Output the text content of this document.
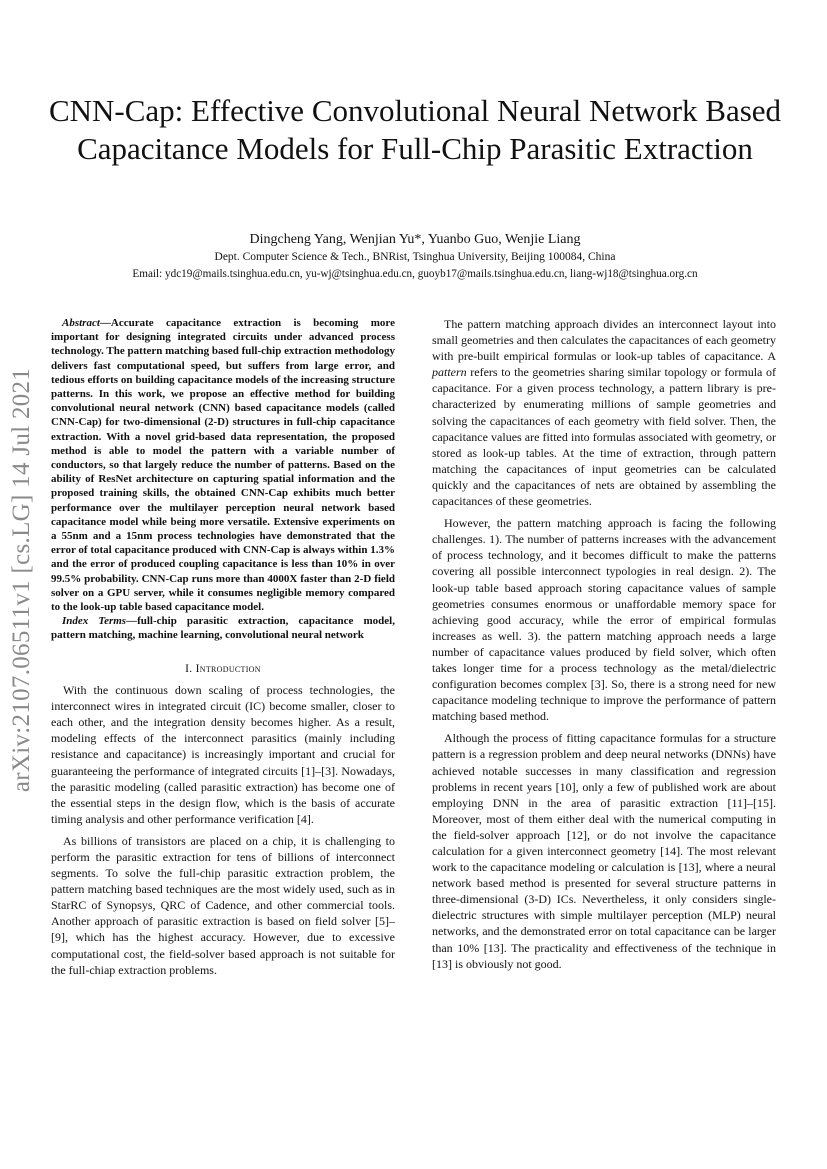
arXiv:2107.06511v1 [cs.LG] 14 Jul 2021
CNN-Cap: Effective Convolutional Neural Network Based Capacitance Models for Full-Chip Parasitic Extraction
Dingcheng Yang, Wenjian Yu*, Yuanbo Guo, Wenjie Liang
Dept. Computer Science & Tech., BNRist, Tsinghua University, Beijing 100084, China
Email: ydc19@mails.tsinghua.edu.cn, yu-wj@tsinghua.edu.cn, guoyb17@mails.tsinghua.edu.cn, liang-wj18@tsinghua.org.cn

Abstract—Accurate capacitance extraction is becoming more important for designing integrated circuits under advanced process technology. The pattern matching based full-chip extraction methodology delivers fast computational speed, but suffers from large error, and tedious efforts on building capacitance models of the increasing structure patterns. In this work, we propose an effective method for building convolutional neural network (CNN) based capacitance models (called CNN-Cap) for two-dimensional (2-D) structures in full-chip capacitance extraction. With a novel grid-based data representation, the proposed method is able to model the pattern with a variable number of conductors, so that largely reduce the number of patterns. Based on the ability of ResNet architecture on capturing spatial information and the proposed training skills, the obtained CNN-Cap exhibits much better performance over the multilayer perception neural network based capacitance model while being more versatile. Extensive experiments on a 55nm and a 15nm process technologies have demonstrated that the error of total capacitance produced with CNN-Cap is always within 1.3% and the error of produced coupling capacitance is less than 10% in over 99.5% probability. CNN-Cap runs more than 4000X faster than 2-D field solver on a GPU server, while it consumes negligible memory compared to the look-up table based capacitance model.

Index Terms—full-chip parasitic extraction, capacitance model, pattern matching, machine learning, convolutional neural network

I. Introduction

With the continuous down scaling of process technologies, the interconnect wires in integrated circuit (IC) become smaller, closer to each other, and the integration density becomes higher. As a result, modeling effects of the interconnect parasitics (mainly including resistance and capacitance) is increasingly important and crucial for guaranteeing the performance of integrated circuits [1]–[3]. Nowadays, the parasitic modeling (called parasitic extraction) has become one of the essential steps in the design flow, which is the basis of accurate timing analysis and other performance verification [4].

As billions of transistors are placed on a chip, it is challenging to perform the parasitic extraction for tens of billions of interconnect segments. To solve the full-chip parasitic extraction problem, the pattern matching based techniques are the most widely used, such as in StarRC of Synopsys, QRC of Cadence, and other commercial tools. Another approach of parasitic extraction is based on field solver [5]–[9], which has the highest accuracy. However, due to excessive computational cost, the field-solver based approach is not suitable for the full-chiap extraction problems.

The pattern matching approach divides an interconnect layout into small geometries and then calculates the capacitances of each geometry with pre-built empirical formulas or look-up tables of capacitance. A pattern refers to the geometries sharing similar topology or formula of capacitance. For a given process technology, a pattern library is pre-characterized by enumerating millions of sample geometries and solving the capacitances of each geometry with field solver. Then, the capacitance values are fitted into formulas associated with geometry, or stored as look-up tables. At the time of extraction, through pattern matching the capacitances of input geometries can be calculated quickly and the capacitances of nets are obtained by assembling the capacitances of these geometries.

However, the pattern matching approach is facing the following challenges. 1). The number of patterns increases with the advancement of process technology, and it becomes difficult to make the patterns covering all possible interconnect typologies in real design. 2). The look-up table based approach storing capacitance values of sample geometries consumes enormous or unaffordable memory space for achieving good accuracy, while the error of empirical formulas increases as well. 3). the pattern matching approach needs a large number of capacitance values produced by field solver, which often takes longer time for a process technology as the metal/dielectric configuration becomes complex [3]. So, there is a strong need for new capacitance modeling technique to improve the performance of pattern matching based method.

Although the process of fitting capacitance formulas for a structure pattern is a regression problem and deep neural networks (DNNs) have achieved notable successes in many classification and regression problems in recent years [10], only a few of published work are about employing DNN in the area of parasitic extraction [11]–[15]. Moreover, most of them either deal with the numerical computing in the field-solver approach [12], or do not involve the capacitance calculation for a given interconnect geometry [14]. The most relevant work to the capacitance modeling or calculation is [13], where a neural network based method is presented for several structure patterns in three-dimensional (3-D) ICs. Nevertheless, it only considers single-dielectric structures with simple multilayer perception (MLP) neural networks, and the demonstrated error on total capacitance can be larger than 10% [13]. The practicality and effectiveness of the technique in [13] is obviously not good.
